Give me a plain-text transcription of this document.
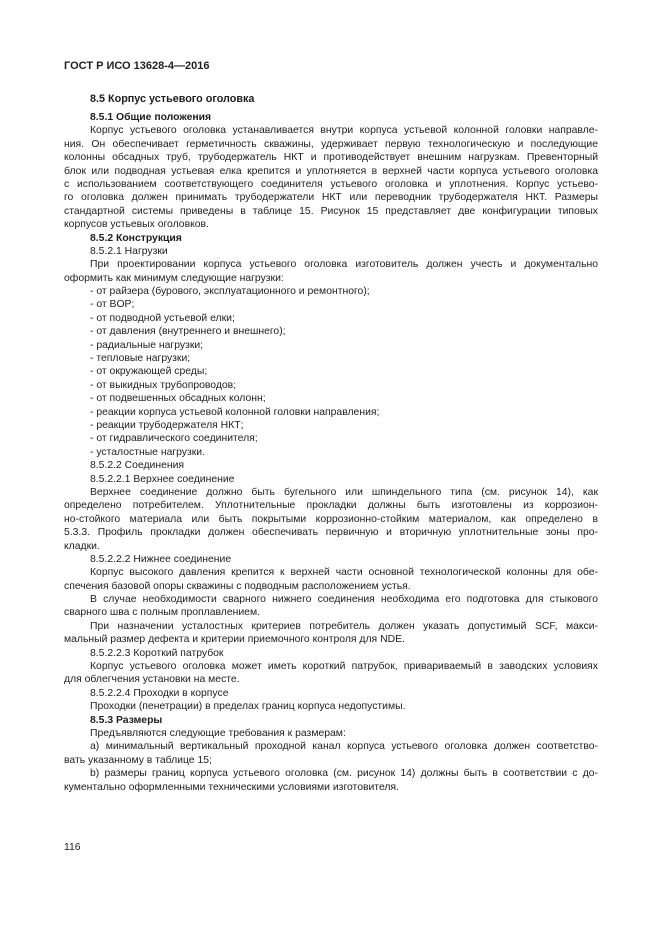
ГОСТ Р ИСО 13628-4—2016
8.5 Корпус устьевого оголовка
8.5.1 Общие положения
Корпус устьевого оголовка устанавливается внутри корпуса устьевой колонной головки направле-
ния. Он обеспечивает герметичность скважины, удерживает первую технологическую и последующие
колонны обсадных труб, трубодержатель НКТ и противодействует внешним нагрузкам. Превенторный
блок или подводная устьевая елка крепится и уплотняется в верхней части корпуса устьевого оголовка
с использованием соответствующего соединителя устьевого оголовка и уплотнения. Корпус устьево-
го оголовка должен принимать трубодержатели НКТ или переводник трубодержателя НКТ. Размеры
стандартной системы приведены в таблице 15. Рисунок 15 представляет две конфигурации типовых
корпусов устьевых оголовков.
8.5.2 Конструкция
8.5.2.1 Нагрузки
При проектировании корпуса устьевого оголовка изготовитель должен учесть и документально
оформить как минимум следующие нагрузки:
- от райзера (бурового, эксплуатационного и ремонтного);
- от BOP;
- от подводной устьевой елки;
- от давления (внутреннего и внешнего);
- радиальные нагрузки;
- тепловые нагрузки;
- от окружающей среды;
- от выкидных трубопроводов;
- от подвешенных обсадных колонн;
- реакции корпуса устьевой колонной головки направления;
- реакции трубодержателя НКТ;
- от гидравлического соединителя;
- усталостные нагрузки.
8.5.2.2 Соединения
8.5.2.2.1 Верхнее соединение
Верхнее соединение должно быть бугельного или шпиндельного типа (см. рисунок 14), как
определено потребителем. Уплотнительные прокладки должны быть изготовлены из коррозион-
но-стойкого материала или быть покрытыми коррозионно-стойким материалом, как определено в
5.3.3. Профиль прокладки должен обеспечивать первичную и вторичную уплотнительные зоны про-
кладки.
8.5.2.2.2 Нижнее соединение
Корпус высокого давления крепится к верхней части основной технологической колонны для обе-
спечения базовой опоры скважины с подводным расположением устья.
В случае необходимости сварного нижнего соединения необходима его подготовка для стыкового
сварного шва с полным проплавлением.
При назначении усталостных критериев потребитель должен указать допустимый SCF, макси-
мальный размер дефекта и критерии приемочного контроля для NDE.
8.5.2.2.3 Короткий патрубок
Корпус устьевого оголовка может иметь короткий патрубок, привариваемый в заводских условиях
для облегчения установки на месте.
8.5.2.2.4 Проходки в корпусе
Проходки (пенетрации) в пределах границ корпуса недопустимы.
8.5.3 Размеры
Предъявляются следующие требования к размерам:
a) минимальный вертикальный проходной канал корпуса устьевого оголовка должен соответство-
вать указанному в таблице 15;
b) размеры границ корпуса устьевого оголовка (см. рисунок 14) должны быть в соответствии с до-
кументально оформленными техническими условиями изготовителя.
116
